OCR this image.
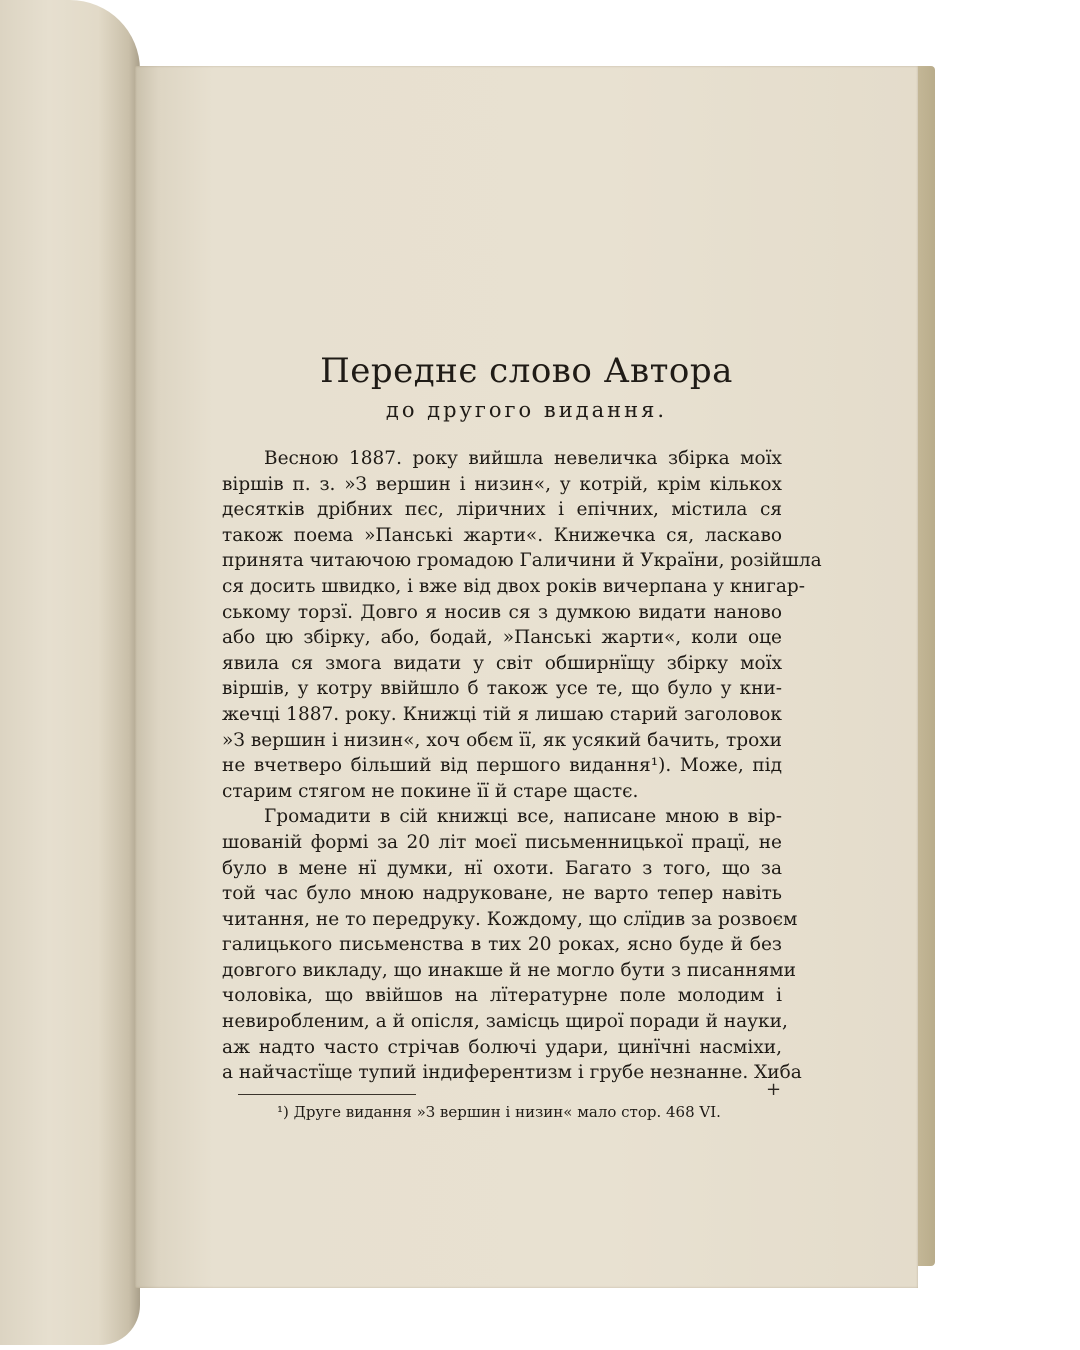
Переднє слово Автора
до другого видання.
Весною 1887. року вийшла невеличка збірка моїх
віршів п. з. »З вершин і низин«, у котрій, крім кількох
десятків дрібних пєс, ліричних і епічних, містила ся
також поема »Панські жарти«. Книжечка ся, ласкаво
принята читаючою громадою Галичини й України, розійшла
ся досить швидко, і вже від двох років вичерпана у книгар-
ському торзї. Довго я носив ся з думкою видати наново
або цю збірку, або, бодай, »Панські жарти«, коли оце
явила ся змога видати у світ обширнїщу збірку моїх
віршів, у котру ввійшло б також усе те, що було у кни-
жечці 1887. року. Книжці тій я лишаю старий заголовок
»З вершин і низин«, хоч обєм її, як усякий бачить, трохи
не вчетверо більший від першого видання¹). Може, під
старим стягом не покине її й старе щастє.
Громадити в сій книжці все, написане мною в вір-
шованій формі за 20 літ моєї письменницької працї, не
було в мене нї думки, нї охоти. Багато з того, що за
той час було мною надруковане, не варто тепер навіть
читання, не то передруку. Кождому, що слїдив за розвоєм
галицького письменства в тих 20 роках, ясно буде й без
довгого викладу, що инакше й не могло бути з писаннями
чоловіка, що ввійшов на лїтературне поле молодим і
невиробленим, а й опісля, замісць щирої поради й науки,
аж надто часто стрічав болючі удари, цинїчні насміхи,
а найчастїще тупий індиферентизм і грубе незнанне. Хиба
¹) Друге видання »З вершин і низин« мало стор. 468 VI.
+
